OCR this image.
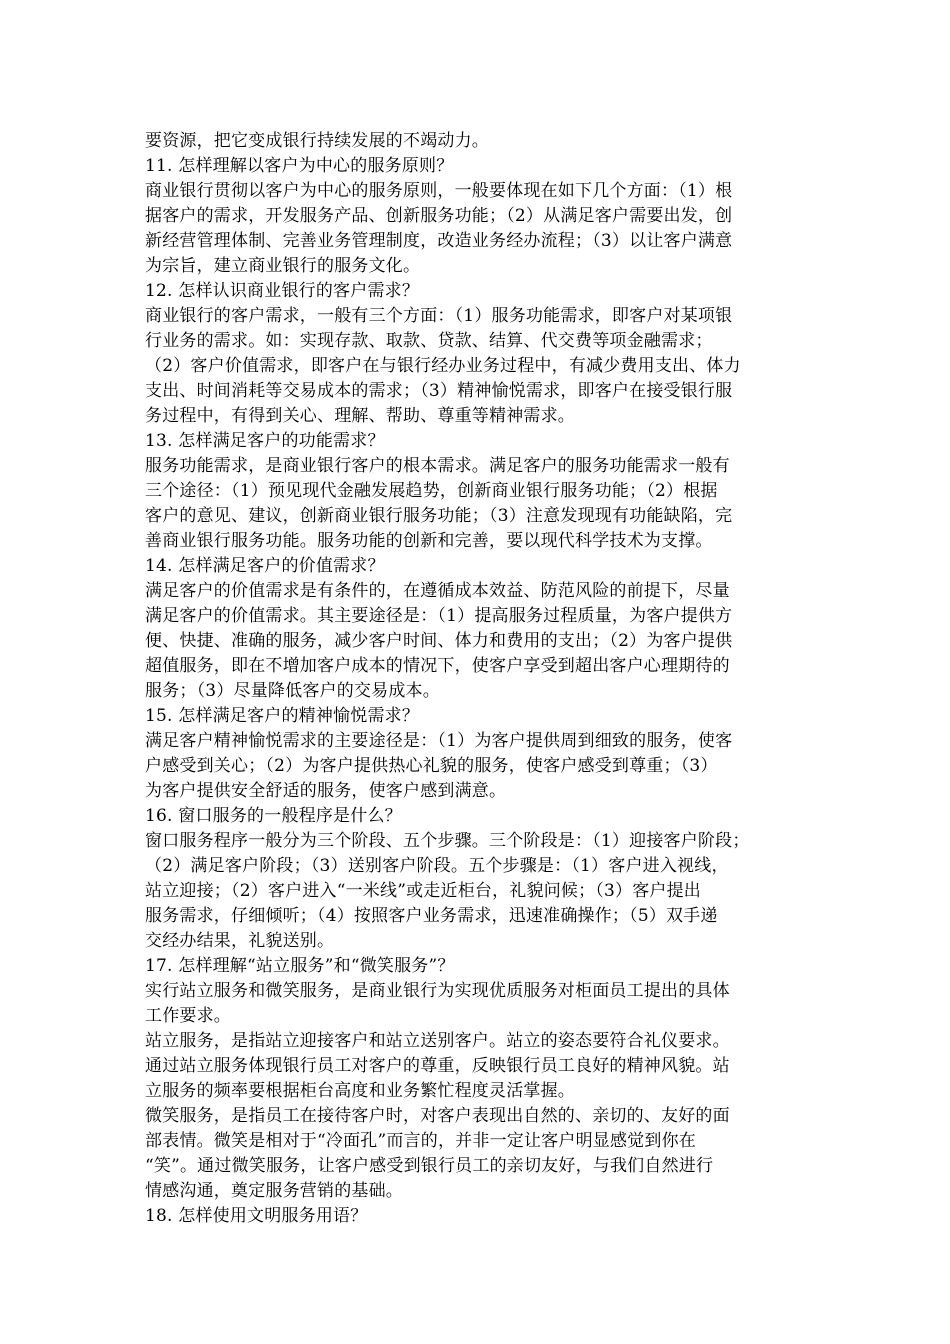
要资源，把它变成银行持续发展的不竭动力。
11. 怎样理解以客户为中心的服务原则？
商业银行贯彻以客户为中心的服务原则，一般要体现在如下几个方面：（1）根
据客户的需求，开发服务产品、创新服务功能；（2）从满足客户需要出发，创
新经营管理体制、完善业务管理制度，改造业务经办流程；（3）以让客户满意
为宗旨，建立商业银行的服务文化。
12. 怎样认识商业银行的客户需求？
商业银行的客户需求，一般有三个方面：（1）服务功能需求，即客户对某项银
行业务的需求。如：实现存款、取款、贷款、结算、代交费等项金融需求；
（2）客户价值需求，即客户在与银行经办业务过程中，有减少费用支出、体力
支出、时间消耗等交易成本的需求；（3）精神愉悦需求，即客户在接受银行服
务过程中，有得到关心、理解、帮助、尊重等精神需求。
13. 怎样满足客户的功能需求？
服务功能需求，是商业银行客户的根本需求。满足客户的服务功能需求一般有
三个途径：（1）预见现代金融发展趋势，创新商业银行服务功能；（2）根据
客户的意见、建议，创新商业银行服务功能；（3）注意发现现有功能缺陷，完
善商业银行服务功能。服务功能的创新和完善，要以现代科学技术为支撑。
14. 怎样满足客户的价值需求？
满足客户的价值需求是有条件的，在遵循成本效益、防范风险的前提下，尽量
满足客户的价值需求。其主要途径是：（1）提高服务过程质量，为客户提供方
便、快捷、准确的服务，减少客户时间、体力和费用的支出；（2）为客户提供
超值服务，即在不增加客户成本的情况下，使客户享受到超出客户心理期待的
服务；（3）尽量降低客户的交易成本。
15. 怎样满足客户的精神愉悦需求？
满足客户精神愉悦需求的主要途径是：（1）为客户提供周到细致的服务，使客
户感受到关心；（2）为客户提供热心礼貌的服务，使客户感受到尊重；（3）
为客户提供安全舒适的服务，使客户感到满意。
16. 窗口服务的一般程序是什么？
窗口服务程序一般分为三个阶段、五个步骤。三个阶段是：（1）迎接客户阶段；
（2）满足客户阶段；（3）送别客户阶段。五个步骤是：（1）客户进入视线，
站立迎接；（2）客户进入“一米线”或走近柜台，礼貌问候；（3）客户提出
服务需求，仔细倾听；（4）按照客户业务需求，迅速准确操作；（5）双手递
交经办结果，礼貌送别。
17. 怎样理解“站立服务”和“微笑服务”？
实行站立服务和微笑服务，是商业银行为实现优质服务对柜面员工提出的具体
工作要求。
站立服务，是指站立迎接客户和站立送别客户。站立的姿态要符合礼仪要求。
通过站立服务体现银行员工对客户的尊重，反映银行员工良好的精神风貌。站
立服务的频率要根据柜台高度和业务繁忙程度灵活掌握。
微笑服务，是指员工在接待客户时，对客户表现出自然的、亲切的、友好的面
部表情。微笑是相对于“冷面孔”而言的，并非一定让客户明显感觉到你在
“笑”。通过微笑服务，让客户感受到银行员工的亲切友好，与我们自然进行
情感沟通，奠定服务营销的基础。
18. 怎样使用文明服务用语？
